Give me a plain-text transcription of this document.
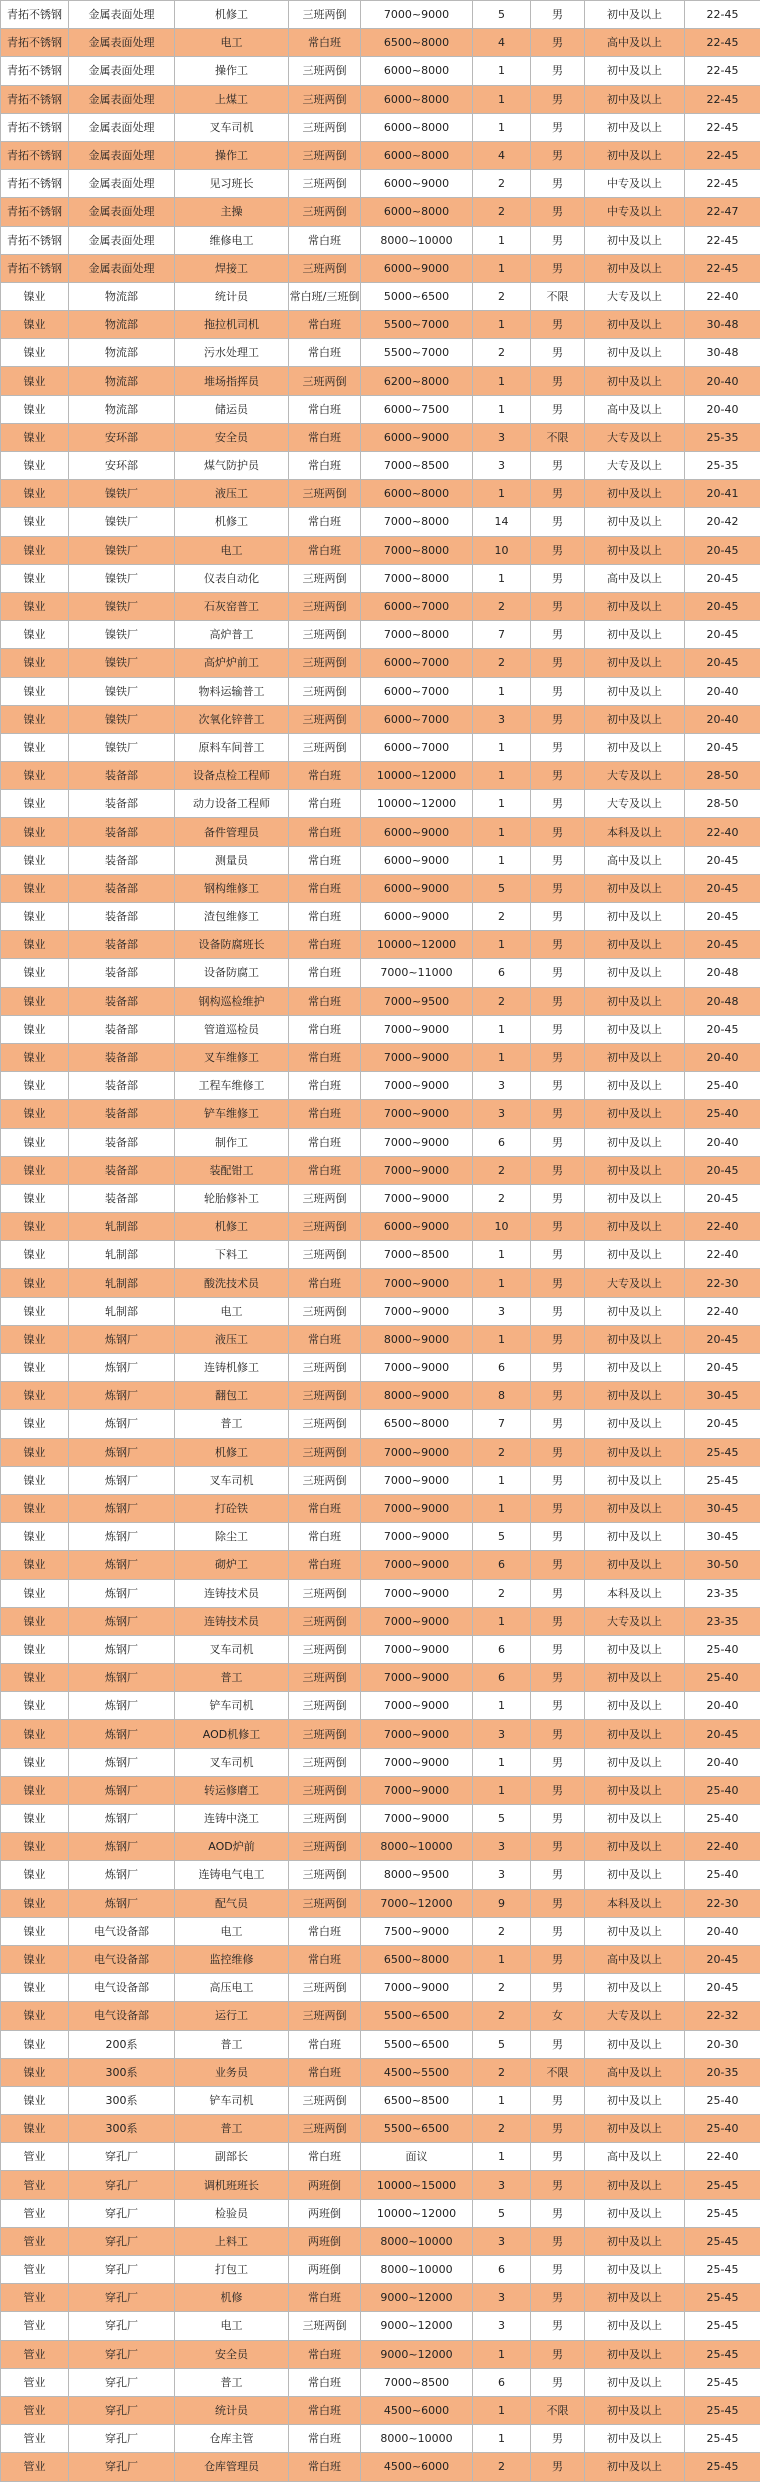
青拓不锈钢	金属表面处理	机修工	三班两倒	7000~9000	5	男	初中及以上	22-45
青拓不锈钢	金属表面处理	电工	常白班	6500~8000	4	男	高中及以上	22-45
青拓不锈钢	金属表面处理	操作工	三班两倒	6000~8000	1	男	初中及以上	22-45
青拓不锈钢	金属表面处理	上煤工	三班两倒	6000~8000	1	男	初中及以上	22-45
青拓不锈钢	金属表面处理	叉车司机	三班两倒	6000~8000	1	男	初中及以上	22-45
青拓不锈钢	金属表面处理	操作工	三班两倒	6000~8000	4	男	初中及以上	22-45
青拓不锈钢	金属表面处理	见习班长	三班两倒	6000~9000	2	男	中专及以上	22-45
青拓不锈钢	金属表面处理	主操	三班两倒	6000~8000	2	男	中专及以上	22-47
青拓不锈钢	金属表面处理	维修电工	常白班	8000~10000	1	男	初中及以上	22-45
青拓不锈钢	金属表面处理	焊接工	三班两倒	6000~9000	1	男	初中及以上	22-45
镍业	物流部	统计员	常白班/三班倒	5000~6500	2	不限	大专及以上	22-40
镍业	物流部	拖拉机司机	常白班	5500~7000	1	男	初中及以上	30-48
镍业	物流部	污水处理工	常白班	5500~7000	2	男	初中及以上	30-48
镍业	物流部	堆场指挥员	三班两倒	6200~8000	1	男	初中及以上	20-40
镍业	物流部	储运员	常白班	6000~7500	1	男	高中及以上	20-40
镍业	安环部	安全员	常白班	6000~9000	3	不限	大专及以上	25-35
镍业	安环部	煤气防护员	常白班	7000~8500	3	男	大专及以上	25-35
镍业	镍铁厂	液压工	三班两倒	6000~8000	1	男	初中及以上	20-41
镍业	镍铁厂	机修工	常白班	7000~8000	14	男	初中及以上	20-42
镍业	镍铁厂	电工	常白班	7000~8000	10	男	初中及以上	20-45
镍业	镍铁厂	仪表自动化	三班两倒	7000~8000	1	男	高中及以上	20-45
镍业	镍铁厂	石灰窑普工	三班两倒	6000~7000	2	男	初中及以上	20-45
镍业	镍铁厂	高炉普工	三班两倒	7000~8000	7	男	初中及以上	20-45
镍业	镍铁厂	高炉炉前工	三班两倒	6000~7000	2	男	初中及以上	20-45
镍业	镍铁厂	物料运输普工	三班两倒	6000~7000	1	男	初中及以上	20-40
镍业	镍铁厂	次氧化锌普工	三班两倒	6000~7000	3	男	初中及以上	20-40
镍业	镍铁厂	原料车间普工	三班两倒	6000~7000	1	男	初中及以上	20-45
镍业	装备部	设备点检工程师	常白班	10000~12000	1	男	大专及以上	28-50
镍业	装备部	动力设备工程师	常白班	10000~12000	1	男	大专及以上	28-50
镍业	装备部	备件管理员	常白班	6000~9000	1	男	本科及以上	22-40
镍业	装备部	测量员	常白班	6000~9000	1	男	高中及以上	20-45
镍业	装备部	钢构维修工	常白班	6000~9000	5	男	初中及以上	20-45
镍业	装备部	渣包维修工	常白班	6000~9000	2	男	初中及以上	20-45
镍业	装备部	设备防腐班长	常白班	10000~12000	1	男	初中及以上	20-45
镍业	装备部	设备防腐工	常白班	7000~11000	6	男	初中及以上	20-48
镍业	装备部	钢构巡检维护	常白班	7000~9500	2	男	初中及以上	20-48
镍业	装备部	管道巡检员	常白班	7000~9000	1	男	初中及以上	20-45
镍业	装备部	叉车维修工	常白班	7000~9000	1	男	初中及以上	20-40
镍业	装备部	工程车维修工	常白班	7000~9000	3	男	初中及以上	25-40
镍业	装备部	铲车维修工	常白班	7000~9000	3	男	初中及以上	25-40
镍业	装备部	制作工	常白班	7000~9000	6	男	初中及以上	20-40
镍业	装备部	装配钳工	常白班	7000~9000	2	男	初中及以上	20-45
镍业	装备部	轮胎修补工	三班两倒	7000~9000	2	男	初中及以上	20-45
镍业	轧制部	机修工	三班两倒	6000~9000	10	男	初中及以上	22-40
镍业	轧制部	下料工	三班两倒	7000~8500	1	男	初中及以上	22-40
镍业	轧制部	酸洗技术员	常白班	7000~9000	1	男	大专及以上	22-30
镍业	轧制部	电工	三班两倒	7000~9000	3	男	初中及以上	22-40
镍业	炼钢厂	液压工	常白班	8000~9000	1	男	初中及以上	20-45
镍业	炼钢厂	连铸机修工	三班两倒	7000~9000	6	男	初中及以上	20-45
镍业	炼钢厂	翻包工	三班两倒	8000~9000	8	男	初中及以上	30-45
镍业	炼钢厂	普工	三班两倒	6500~8000	7	男	初中及以上	20-45
镍业	炼钢厂	机修工	三班两倒	7000~9000	2	男	初中及以上	25-45
镍业	炼钢厂	叉车司机	三班两倒	7000~9000	1	男	初中及以上	25-45
镍业	炼钢厂	打砼铁	常白班	7000~9000	1	男	初中及以上	30-45
镍业	炼钢厂	除尘工	常白班	7000~9000	5	男	初中及以上	30-45
镍业	炼钢厂	砌炉工	常白班	7000~9000	6	男	初中及以上	30-50
镍业	炼钢厂	连铸技术员	三班两倒	7000~9000	2	男	本科及以上	23-35
镍业	炼钢厂	连铸技术员	三班两倒	7000~9000	1	男	大专及以上	23-35
镍业	炼钢厂	叉车司机	三班两倒	7000~9000	6	男	初中及以上	25-40
镍业	炼钢厂	普工	三班两倒	7000~9000	6	男	初中及以上	25-40
镍业	炼钢厂	铲车司机	三班两倒	7000~9000	1	男	初中及以上	20-40
镍业	炼钢厂	AOD机修工	三班两倒	7000~9000	3	男	初中及以上	20-45
镍业	炼钢厂	叉车司机	三班两倒	7000~9000	1	男	初中及以上	20-40
镍业	炼钢厂	转运修磨工	三班两倒	7000~9000	1	男	初中及以上	25-40
镍业	炼钢厂	连铸中浇工	三班两倒	7000~9000	5	男	初中及以上	25-40
镍业	炼钢厂	AOD炉前	三班两倒	8000~10000	3	男	初中及以上	22-40
镍业	炼钢厂	连铸电气电工	三班两倒	8000~9500	3	男	初中及以上	25-40
镍业	炼钢厂	配气员	三班两倒	7000~12000	9	男	本科及以上	22-30
镍业	电气设备部	电工	常白班	7500~9000	2	男	初中及以上	20-40
镍业	电气设备部	监控维修	常白班	6500~8000	1	男	高中及以上	20-45
镍业	电气设备部	高压电工	三班两倒	7000~9000	2	男	初中及以上	20-45
镍业	电气设备部	运行工	三班两倒	5500~6500	2	女	大专及以上	22-32
镍业	200系	普工	常白班	5500~6500	5	男	初中及以上	20-30
镍业	300系	业务员	常白班	4500~5500	2	不限	高中及以上	20-35
镍业	300系	铲车司机	三班两倒	6500~8500	1	男	初中及以上	25-40
镍业	300系	普工	三班两倒	5500~6500	2	男	初中及以上	25-40
管业	穿孔厂	副部长	常白班	面议	1	男	高中及以上	22-40
管业	穿孔厂	调机班班长	两班倒	10000~15000	3	男	初中及以上	25-45
管业	穿孔厂	检验员	两班倒	10000~12000	5	男	初中及以上	25-45
管业	穿孔厂	上料工	两班倒	8000~10000	3	男	初中及以上	25-45
管业	穿孔厂	打包工	两班倒	8000~10000	6	男	初中及以上	25-45
管业	穿孔厂	机修	常白班	9000~12000	3	男	初中及以上	25-45
管业	穿孔厂	电工	三班两倒	9000~12000	3	男	初中及以上	25-45
管业	穿孔厂	安全员	常白班	9000~12000	1	男	初中及以上	25-45
管业	穿孔厂	普工	常白班	7000~8500	6	男	初中及以上	25-45
管业	穿孔厂	统计员	常白班	4500~6000	1	不限	初中及以上	25-45
管业	穿孔厂	仓库主管	常白班	8000~10000	1	男	初中及以上	25-45
管业	穿孔厂	仓库管理员	常白班	4500~6000	2	男	初中及以上	25-45
